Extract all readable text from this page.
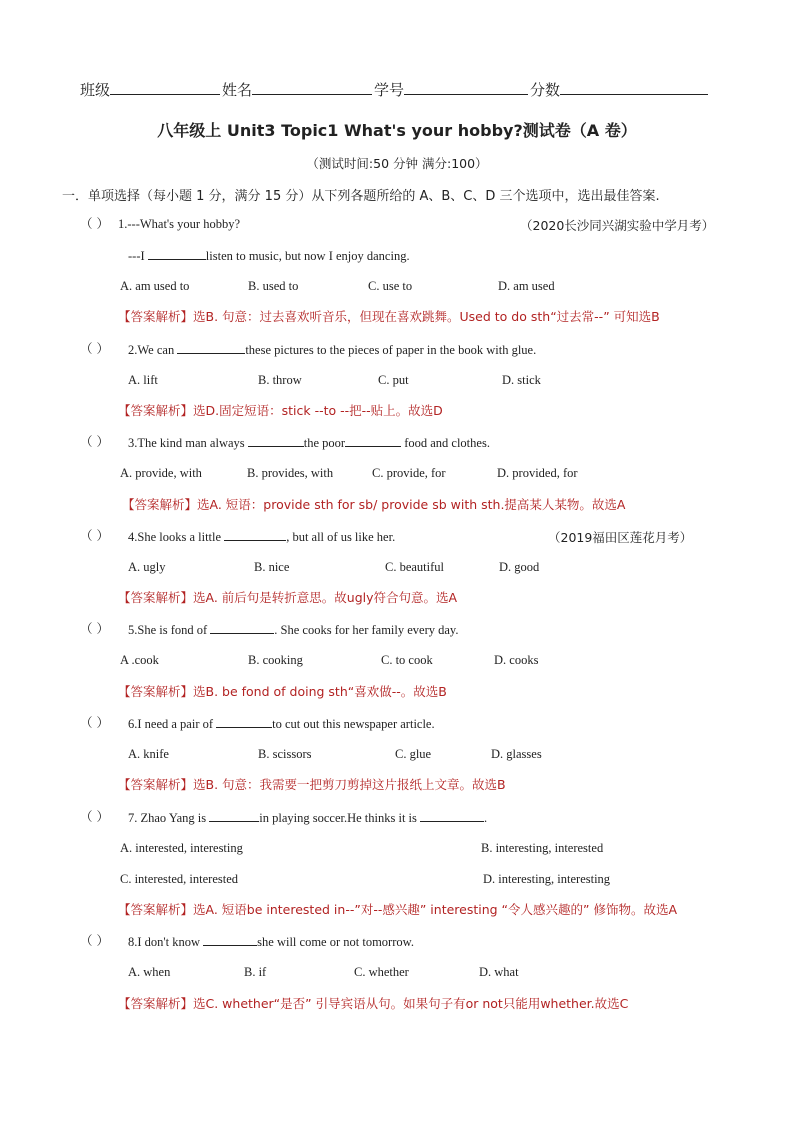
班级	姓名	学号	分数
八年级上 Unit3 Topic1 What's your hobby?测试卷（A 卷）
（测试时间:50 分钟 满分:100）
一．单项选择（每小题 1 分，满分 15 分）从下列各题所给的 A、B、C、D 三个选项中，选出最佳答案.
（ ） 1.---What's your hobby?	（2020长沙同兴湖实验中学月考）
---I	listen to music, but now I enjoy dancing.
A. am used to	B. used to	C. use to	D. am used
【答案解析】选B. 句意：过去喜欢听音乐，但现在喜欢跳舞。Used to do sth“过去常--” 可知选B
（ ） 2.We can	these pictures to the pieces of paper in the book with glue.
A. lift	B. throw	C. put	D. stick
【答案解析】选D.固定短语：stick --to --把--贴上。故选D
（ ） 3.The kind man always	the poor	food and clothes.
A. provide, with	B. provides, with	C. provide, for	D. provided, for
【答案解析】选A. 短语：provide sth for sb/ provide sb with sth.提高某人某物。故选A
（ ） 4.She looks a little	, but all of us like her.	（2019福田区莲花月考）
A. ugly	B. nice	C. beautiful	D. good
【答案解析】选A. 前后句是转折意思。故ugly符合句意。选A
（ ） 5.She is fond of	. She cooks for her family every day.
A .cook	B. cooking	C. to cook	D. cooks
【答案解析】选B. be fond of doing sth“喜欢做--。故选B
（ ） 6.I need a pair of	to cut out this newspaper article.
A. knife	B. scissors	C. glue	D. glasses
【答案解析】选B. 句意：我需要一把剪刀剪掉这片报纸上文章。故选B
（ ） 7. Zhao Yang is	in playing soccer.He thinks it is	.
A. interested, interesting	B. interesting, interested
C. interested, interested	D. interesting, interesting
【答案解析】选A. 短语be interested in--”对--感兴趣” interesting “令人感兴趣的” 修饰物。故选A
（ ） 8.I don't know	she will come or not tomorrow.
A. when	B. if	C. whether	D. what
【答案解析】选C. whether“是否” 引导宾语从句。如果句子有or not只能用whether.故选C
